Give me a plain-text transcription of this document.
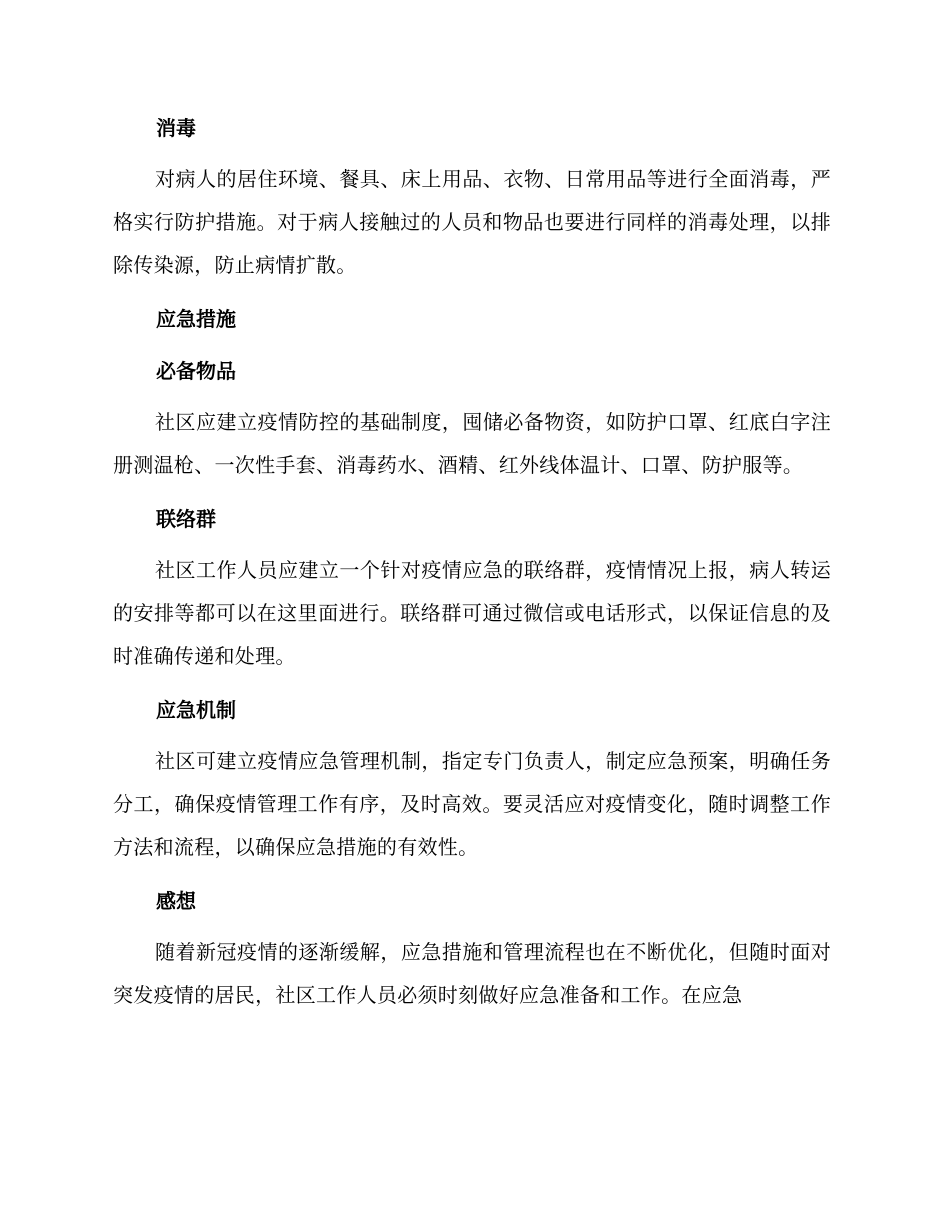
消毒

对病人的居住环境、餐具、床上用品、衣物、日常用品等进行全面消毒，严格实行防护措施。对于病人接触过的人员和物品也要进行同样的消毒处理，以排除传染源，防止病情扩散。

应急措施
必备物品

社区应建立疫情防控的基础制度，囤储必备物资，如防护口罩、红底白字注册测温枪、一次性手套、消毒药水、酒精、红外线体温计、口罩、防护服等。

联络群

社区工作人员应建立一个针对疫情应急的联络群，疫情情况上报，病人转运的安排等都可以在这里面进行。联络群可通过微信或电话形式，以保证信息的及时准确传递和处理。

应急机制

社区可建立疫情应急管理机制，指定专门负责人，制定应急预案，明确任务分工，确保疫情管理工作有序，及时高效。要灵活应对疫情变化，随时调整工作方法和流程，以确保应急措施的有效性。

感想

随着新冠疫情的逐渐缓解，应急措施和管理流程也在不断优化，但随时面对突发疫情的居民，社区工作人员必须时刻做好应急准备和工作。在应急
